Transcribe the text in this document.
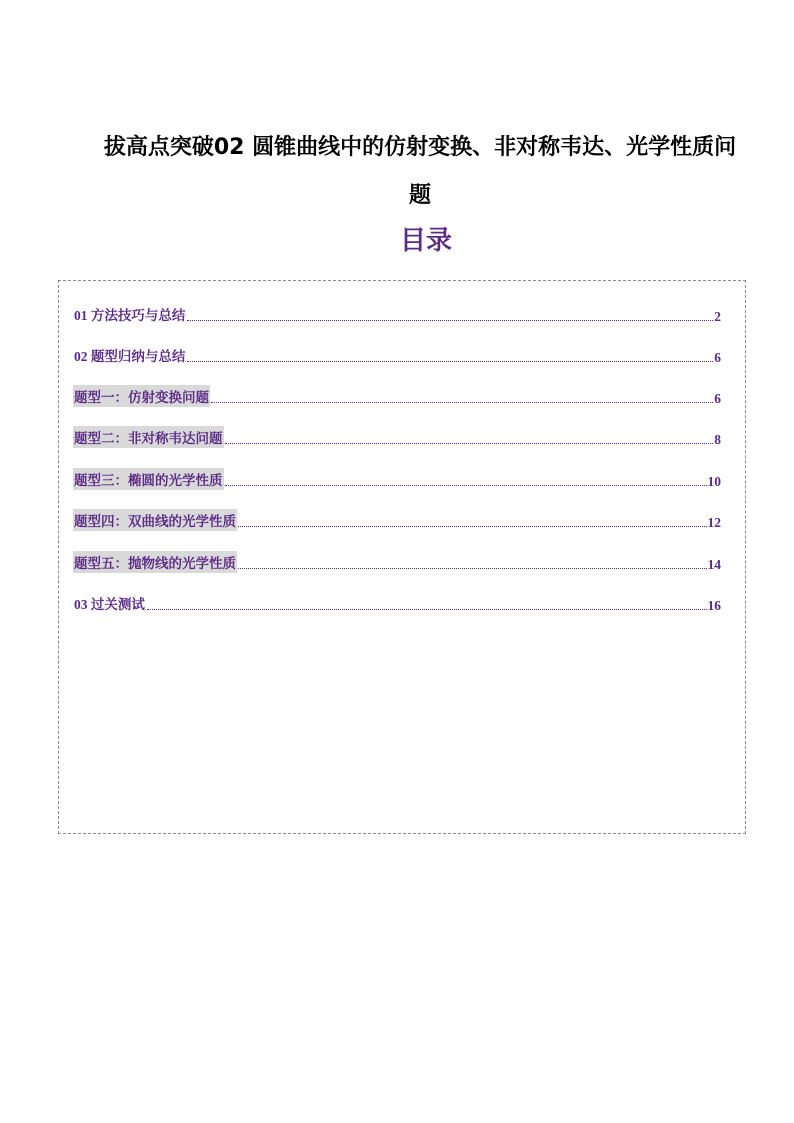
拔高点突破02 圆锥曲线中的仿射变换、非对称韦达、光学性质问题
目录
01 方法技巧与总结	2
02 题型归纳与总结	6
题型一：仿射变换问题	6
题型二：非对称韦达问题	8
题型三：椭圆的光学性质	10
题型四：双曲线的光学性质	12
题型五：抛物线的光学性质	14
03 过关测试	16
